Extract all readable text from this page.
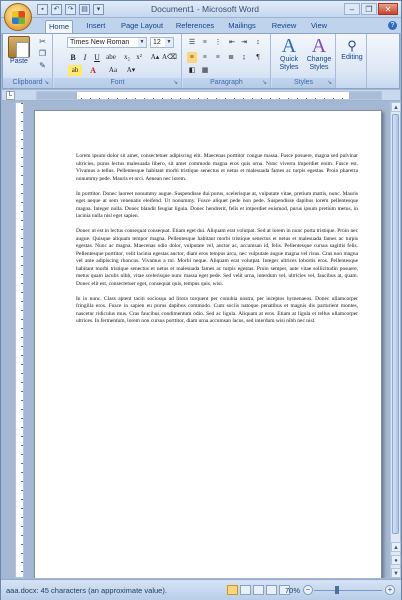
▪	↶	↷	▤	▾	Document1 - Microsoft Word	–	❐	✕
Home	Insert	Page Layout	References	Mailings	Review	View	?
Paste
✂
❐
✎
Clipboard ↘
Times New Roman	▼	12	▼
B I U abe x₂ x²	A▴ A⌫
ab	A	Aa	A▾
Font	↘
☰	≡	⋮ ⇤ ⇥	↕
≡	≡	≡	≣	↨	¶
◧ ▦
Paragraph	↘
A
Quick
Styles
A
Change
Styles
Styles	↘
⚲
Editing
L

Lorem ipsum dolor sit amet, consectetuer adipiscing elit. Maecenas porttitor congue massa. Fusce posuere, magna sed pulvinar ultricies, purus lectus malesuada libero, sit amet commodo magna eros quis urna. Nunc viverra imperdiet enim. Fusce est. Vivamus a tellus. Pellentesque habitant morbi tristique senectus et netus et malesuada fames ac turpis egestas. Proin pharetra nonummy pede. Mauris et orci. Aenean nec lorem.

In porttitor. Donec laoreet nonummy augue. Suspendisse dui purus, scelerisque at, vulputate vitae, pretium mattis, nunc. Mauris eget neque at sem venenatis eleifend. Ut nonummy. Fusce aliquet pede non pede. Suspendisse dapibus lorem pellentesque magna. Integer nulla. Donec blandit feugiat ligula. Donec hendrerit, felis et imperdiet euismod, purus ipsum pretium metus, in lacinia nulla nisl eget sapien.

Donec ut est in lectus consequat consequat. Etiam eget dui. Aliquam erat volutpat. Sed at lorem in nunc porta tristique. Proin nec augue. Quisque aliquam tempor magna. Pellentesque habitant morbi tristique senectus et netus et malesuada fames ac turpis egestas. Nunc ac magna. Maecenas odio dolor, vulputate vel, auctor ac, accumsan id, felis. Pellentesque cursus sagittis felis. Pellentesque porttitor, velit lacinia egestas auctor, diam eros tempus arcu, nec vulputate augue magna vel risus. Cras non magna vel ante adipiscing rhoncus. Vivamus a mi. Morbi neque. Aliquam erat volutpat. Integer ultrices lobortis eros. Pellentesque habitant morbi tristique senectus et netus et malesuada fames ac turpis egestas. Proin semper, ante vitae sollicitudin posuere, metus quam iaculis nibh, vitae scelerisque nunc massa eget pede. Sed velit urna, interdum vel, ultricies vel, faucibus at, quam. Donec elit est, consectetuer eget, consequat quis, tempus quis, wisi.

In in nunc. Class aptent taciti sociosqu ad litora torquent per conubia nostra, per inceptos hymenaeos. Donec ullamcorper fringilla eros. Fusce in sapien eu purus dapibus commodo. Cum sociis natoque penatibus et magnis dis parturient montes, nascetur ridiculus mus. Cras faucibus condimentum odio. Sed ac ligula. Aliquam at eros. Etiam at ligula et tellus ullamcorper ultrices. In fermentum, lorem non cursus porttitor, diam urna accumsan lacus, sed interdum wisi nibh nec nisl.

▲
▲
●
▼
aaa.docx: 45 characters (an approximate value).	70% −	+
